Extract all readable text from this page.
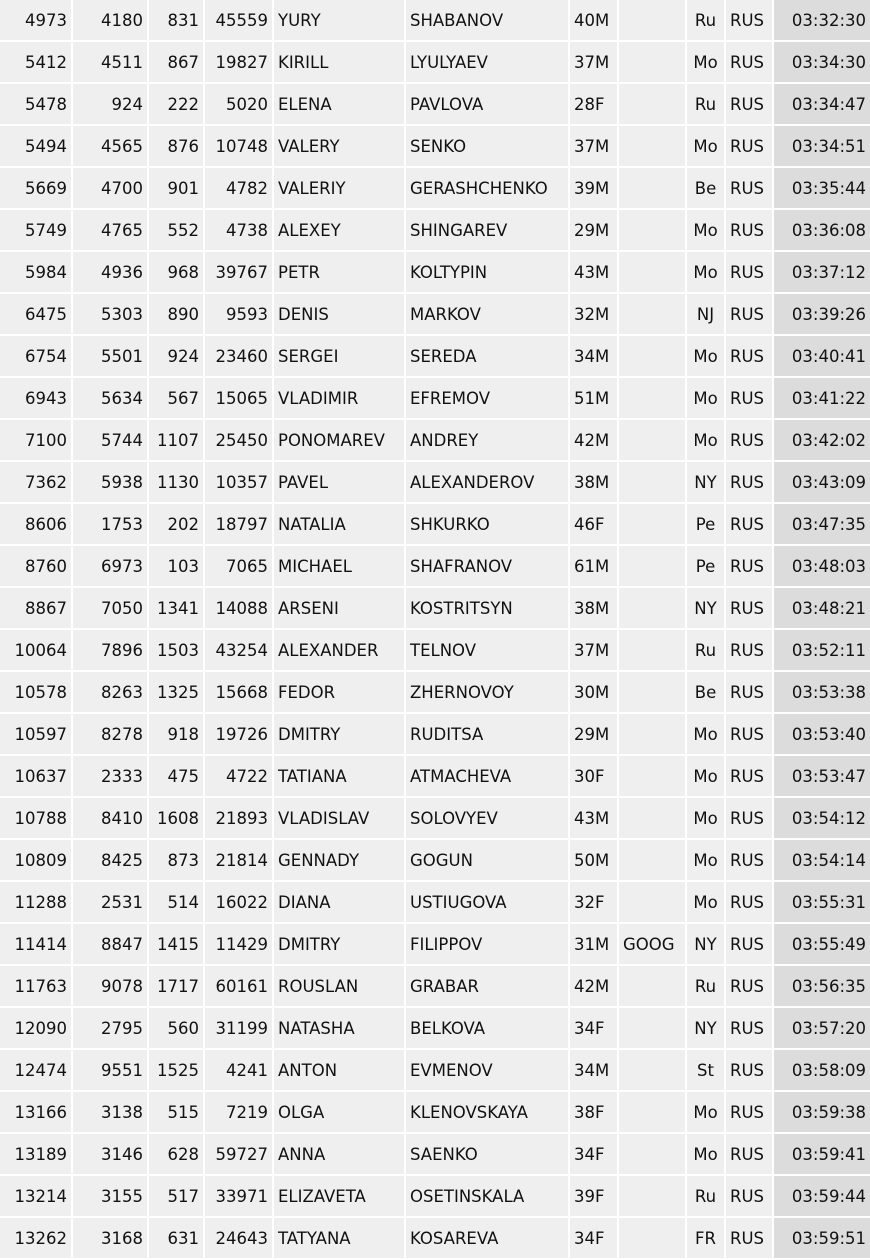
4973	4180	831	45559	YURY	SHABANOV	40M		Ru	RUS	03:32:30
5412	4511	867	19827	KIRILL	LYULYAEV	37M		Mo	RUS	03:34:30
5478	924	222	5020	ELENA	PAVLOVA	28F		Ru	RUS	03:34:47
5494	4565	876	10748	VALERY	SENKO	37M		Mo	RUS	03:34:51
5669	4700	901	4782	VALERIY	GERASHCHENKO	39M		Be	RUS	03:35:44
5749	4765	552	4738	ALEXEY	SHINGAREV	29M		Mo	RUS	03:36:08
5984	4936	968	39767	PETR	KOLTYPIN	43M		Mo	RUS	03:37:12
6475	5303	890	9593	DENIS	MARKOV	32M		NJ	RUS	03:39:26
6754	5501	924	23460	SERGEI	SEREDA	34M		Mo	RUS	03:40:41
6943	5634	567	15065	VLADIMIR	EFREMOV	51M		Mo	RUS	03:41:22
7100	5744	1107	25450	PONOMAREV	ANDREY	42M		Mo	RUS	03:42:02
7362	5938	1130	10357	PAVEL	ALEXANDEROV	38M		NY	RUS	03:43:09
8606	1753	202	18797	NATALIA	SHKURKO	46F		Pe	RUS	03:47:35
8760	6973	103	7065	MICHAEL	SHAFRANOV	61M		Pe	RUS	03:48:03
8867	7050	1341	14088	ARSENI	KOSTRITSYN	38M		NY	RUS	03:48:21
10064	7896	1503	43254	ALEXANDER	TELNOV	37M		Ru	RUS	03:52:11
10578	8263	1325	15668	FEDOR	ZHERNOVOY	30M		Be	RUS	03:53:38
10597	8278	918	19726	DMITRY	RUDITSA	29M		Mo	RUS	03:53:40
10637	2333	475	4722	TATIANA	ATMACHEVA	30F		Mo	RUS	03:53:47
10788	8410	1608	21893	VLADISLAV	SOLOVYEV	43M		Mo	RUS	03:54:12
10809	8425	873	21814	GENNADY	GOGUN	50M		Mo	RUS	03:54:14
11288	2531	514	16022	DIANA	USTIUGOVA	32F		Mo	RUS	03:55:31
11414	8847	1415	11429	DMITRY	FILIPPOV	31M	GOOG	NY	RUS	03:55:49
11763	9078	1717	60161	ROUSLAN	GRABAR	42M		Ru	RUS	03:56:35
12090	2795	560	31199	NATASHA	BELKOVA	34F		NY	RUS	03:57:20
12474	9551	1525	4241	ANTON	EVMENOV	34M		St	RUS	03:58:09
13166	3138	515	7219	OLGA	KLENOVSKAYA	38F		Mo	RUS	03:59:38
13189	3146	628	59727	ANNA	SAENKO	34F		Mo	RUS	03:59:41
13214	3155	517	33971	ELIZAVETA	OSETINSKALA	39F		Ru	RUS	03:59:44
13262	3168	631	24643	TATYANA	KOSAREVA	34F		FR	RUS	03:59:51
